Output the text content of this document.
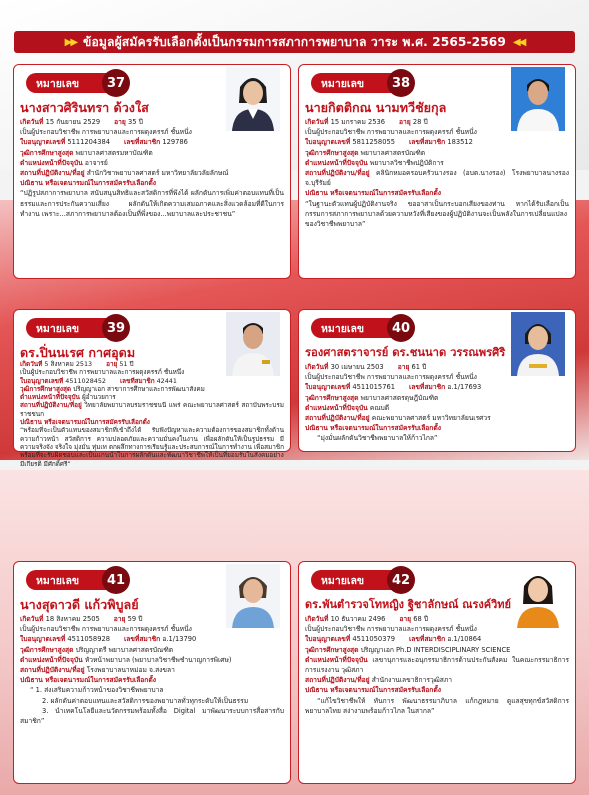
▶▶ ข้อมูลผู้สมัครรับเลือกตั้งเป็นกรรมการสภาการพยาบาล วาระ พ.ศ. 2565-2569 ◀◀
หมายเลข	37
นางสาวศิรินทรา ด้วงใส
เกิดวันที่ 15 กันยายน 2529 อายุ 35 ปี
เป็นผู้ประกอบวิชาชีพ การพยาบาลและการผดุงครรภ์ ชั้นหนึ่ง
ใบอนุญาตเลขที่ 5111204384 เลขที่สมาชิก 129786
วุฒิการศึกษาสูงสุด พยาบาลศาสตรมหาบัณฑิต
ตำแหน่งหน้าที่ปัจจุบัน อาจารย์
สถานที่ปฏิบัติงาน/ที่อยู่ สำนักวิชาพยาบาลศาสตร์ มหาวิทยาลัยวลัยลักษณ์
ปณิธาน หรือเจตนารมณ์ในการสมัครรับเลือกตั้ง
“ปฏิรูปสภาการพยาบาล สนับสนุนสิทธิและสวัสดิการที่พึงได้ ผลักดันการเพิ่มค่าตอบแทนที่เป็นธรรมและการประกันความเสี่ยง ผลักดันให้เกิดความเสมอภาคและสิ่งแวดล้อมที่ดีในการทำงาน เพราะ...สภาการพยาบาลต้องเป็นที่พึ่งของ...พยาบาลและประชาชน”
หมายเลข	38
นายกิตติกณ นามทวีชัยกุล
เกิดวันที่ 15 มกราคม 2536 อายุ 28 ปี
เป็นผู้ประกอบวิชาชีพ การพยาบาลและการผดุงครรภ์ ชั้นหนึ่ง
ใบอนุญาตเลขที่ 5811258055 เลขที่สมาชิก 183512
วุฒิการศึกษาสูงสุด พยาบาลศาสตรบัณฑิต
ตำแหน่งหน้าที่ปัจจุบัน พยาบาลวิชาชีพปฏิบัติการ
สถานที่ปฏิบัติงาน/ที่อยู่ คลินิกหมอครอบครัวนางรอง (อบต.นางรอง) โรงพยาบาลนางรอง จ.บุรีรัมย์
ปณิธาน หรือเจตนารมณ์ในการสมัครรับเลือกตั้ง
“ในฐานะตัวแทนผู้ปฏิบัติงานจริง ขออาสาเป็นกระบอกเสียงของท่าน หากได้รับเลือกเป็นกรรมการสภาการพยาบาลด้วยความหวังที่เสียงของผู้ปฏิบัติงานจะเป็นพลังในการเปลี่ยนแปลงของวิชาชีพพยาบาล”
หมายเลข	39
ดร.ปิ่นนเรศ กาศอุดม
เกิดวันที่ 5 สิงหาคม 2513 อายุ 51 ปี
เป็นผู้ประกอบวิชาชีพ การพยาบาลและการผดุงครรภ์ ชั้นหนึ่ง
ใบอนุญาตเลขที่ 4511028452 เลขที่สมาชิก 42441
วุฒิการศึกษาสูงสุด ปริญญาเอก สาขาการศึกษาและการพัฒนาสังคม
ตำแหน่งหน้าที่ปัจจุบัน ผู้อำนวยการ
สถานที่ปฏิบัติงาน/ที่อยู่ วิทยาลัยพยาบาลบรมราชชนนี แพร่ คณะพยาบาลศาสตร์ สถาบันพระบรมราชชนก
ปณิธาน หรือเจตนารมณ์ในการสมัครรับเลือกตั้ง
“พร้อมที่จะเป็นตัวแทนของสมาชิกที่เข้าถึงได้ รับฟังปัญหาและความต้องการของสมาชิกทั้งด้านความก้าวหน้า สวัสดิการ ความปลอดภัยและความมั่นคงในงาน เพื่อผลักดันให้เป็นรูปธรรม มีความจริงจัง จริงใจ มุ่งมั่น ทุ่มเท ตกผลึกทางการเรียนรู้และประสบการณ์ในการทำงาน เพื่อสมาชิก พร้อมที่จะรับผิดชอบและเป็นแกนนำในการผลักดันและพัฒนาวิชาชีพให้เป็นที่ยอมรับในสังคมอย่างมีเกียรติ มีศักดิ์ศรี”
หมายเลข	40
รองศาสตราจารย์ ดร.ชนนาด วรรณพรศิริ
เกิดวันที่ 30 เมษายน 2503 อายุ 61 ปี
เป็นผู้ประกอบวิชาชีพ การพยาบาลและการผดุงครรภ์ ชั้นหนึ่ง
ใบอนุญาตเลขที่ 4511015761 เลขที่สมาชิก อ.1/17693
วุฒิการศึกษาสูงสุด พยาบาลศาสตรดุษฎีบัณฑิต
ตำแหน่งหน้าที่ปัจจุบัน คณบดี
สถานที่ปฏิบัติงาน/ที่อยู่ คณะพยาบาลศาสตร์ มหาวิทยาลัยนเรศวร
ปณิธาน หรือเจตนารมณ์ในการสมัครรับเลือกตั้ง
“มุ่งมั่นผลักดันวิชาชีพพยาบาลให้ก้าวไกล”
หมายเลข	41
นางสุดาวดี แก้วพิบูลย์
เกิดวันที่ 18 สิงหาคม 2505 อายุ 59 ปี
เป็นผู้ประกอบวิชาชีพ การพยาบาลและการผดุงครรภ์ ชั้นหนึ่ง
ใบอนุญาตเลขที่ 4511058928 เลขที่สมาชิก อ.1/13790
วุฒิการศึกษาสูงสุด ปริญญาตรี พยาบาลศาสตรบัณฑิต
ตำแหน่งหน้าที่ปัจจุบัน หัวหน้าพยาบาล (พยาบาลวิชาชีพชำนาญการพิเศษ)
สถานที่ปฏิบัติงาน/ที่อยู่ โรงพยาบาลนาหม่อม จ.สงขลา
ปณิธาน หรือเจตนารมณ์ในการสมัครรับเลือกตั้ง
“ 1. ส่งเสริมความก้าวหน้าของวิชาชีพพยาบาล
2. ผลักดันค่าตอบแทนและสวัสดิการของพยาบาลทั่วทุกระดับให้เป็นธรรม
3. นำเทคโนโลยีและนวัตกรรมพร้อมทั้งสื่อ Digital มาพัฒนาระบบการสื่อสารกับสมาชิก”
หมายเลข	42
ดร.พันตำรวจโทหญิง ฐิชาลักษณ์ ณรงค์วิทย์
เกิดวันที่ 10 ธันวาคม 2496 อายุ 68 ปี
เป็นผู้ประกอบวิชาชีพ การพยาบาลและการผดุงครรภ์ ชั้นหนึ่ง
ใบอนุญาตเลขที่ 4511050379 เลขที่สมาชิก อ.1/10864
วุฒิการศึกษาสูงสุด ปริญญาเอก Ph.D INTERDISCIPLINARY SCIENCE
ตำแหน่งหน้าที่ปัจจุบัน เลขานุการและอนุกรรมาธิการด้านประกันสังคม ในคณะกรรมาธิการการแรงงาน วุฒิสภา
สถานที่ปฏิบัติงาน/ที่อยู่ สำนักงานเลขาธิการวุฒิสภา
ปณิธาน หรือเจตนารมณ์ในการสมัครรับเลือกตั้ง
“แก้ไขวิชาชีพให้ ทันการ พัฒนาธรรมาภิบาล แก้กฎหมาย ดูแลสุขทุกข์สวัสดิการ พยาบาลไทย สง่างามพร้อมก้าวไกล ในสากล”
